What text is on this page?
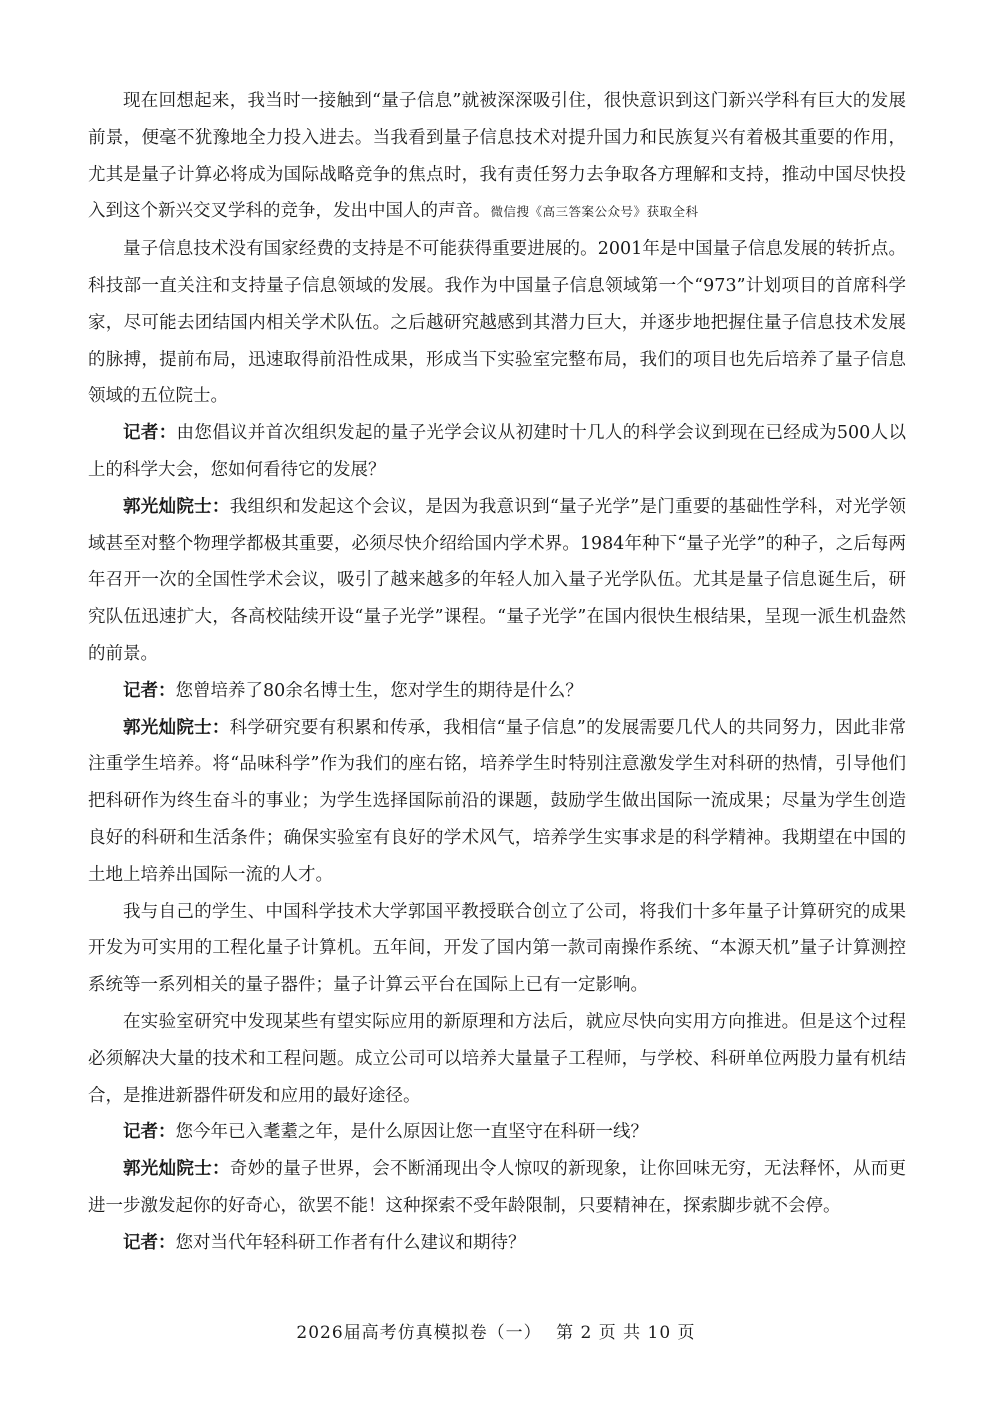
现在回想起来，我当时一接触到“量子信息”就被深深吸引住，很快意识到这门新兴学科有巨大的发展前景，便毫不犹豫地全力投入进去。当我看到量子信息技术对提升国力和民族复兴有着极其重要的作用，尤其是量子计算必将成为国际战略竞争的焦点时，我有责任努力去争取各方理解和支持，推动中国尽快投入到这个新兴交叉学科的竞争，发出中国人的声音。微信搜《高三答案公众号》获取全科

量子信息技术没有国家经费的支持是不可能获得重要进展的。2001年是中国量子信息发展的转折点。科技部一直关注和支持量子信息领域的发展。我作为中国量子信息领域第一个“973”计划项目的首席科学家，尽可能去团结国内相关学术队伍。之后越研究越感到其潜力巨大，并逐步地把握住量子信息技术发展的脉搏，提前布局，迅速取得前沿性成果，形成当下实验室完整布局，我们的项目也先后培养了量子信息领域的五位院士。

记者：由您倡议并首次组织发起的量子光学会议从初建时十几人的科学会议到现在已经成为500人以上的科学大会，您如何看待它的发展？

郭光灿院士：我组织和发起这个会议，是因为我意识到“量子光学”是门重要的基础性学科，对光学领域甚至对整个物理学都极其重要，必须尽快介绍给国内学术界。1984年种下“量子光学”的种子，之后每两年召开一次的全国性学术会议，吸引了越来越多的年轻人加入量子光学队伍。尤其是量子信息诞生后，研究队伍迅速扩大，各高校陆续开设“量子光学”课程。“量子光学”在国内很快生根结果，呈现一派生机盎然的前景。

记者：您曾培养了80余名博士生，您对学生的期待是什么？

郭光灿院士：科学研究要有积累和传承，我相信“量子信息”的发展需要几代人的共同努力，因此非常注重学生培养。将“品味科学”作为我们的座右铭，培养学生时特别注意激发学生对科研的热情，引导他们把科研作为终生奋斗的事业；为学生选择国际前沿的课题，鼓励学生做出国际一流成果；尽量为学生创造良好的科研和生活条件；确保实验室有良好的学术风气，培养学生实事求是的科学精神。我期望在中国的土地上培养出国际一流的人才。

我与自己的学生、中国科学技术大学郭国平教授联合创立了公司，将我们十多年量子计算研究的成果开发为可实用的工程化量子计算机。五年间，开发了国内第一款司南操作系统、“本源天机”量子计算测控系统等一系列相关的量子器件；量子计算云平台在国际上已有一定影响。

在实验室研究中发现某些有望实际应用的新原理和方法后，就应尽快向实用方向推进。但是这个过程必须解决大量的技术和工程问题。成立公司可以培养大量量子工程师，与学校、科研单位两股力量有机结合，是推进新器件研发和应用的最好途径。

记者：您今年已入耄耋之年，是什么原因让您一直坚守在科研一线？

郭光灿院士：奇妙的量子世界，会不断涌现出令人惊叹的新现象，让你回味无穷，无法释怀，从而更进一步激发起你的好奇心，欲罢不能！这种探索不受年龄限制，只要精神在，探索脚步就不会停。

记者：您对当代年轻科研工作者有什么建议和期待？

2026届高考仿真模拟卷（一） 第 2 页 共 10 页
